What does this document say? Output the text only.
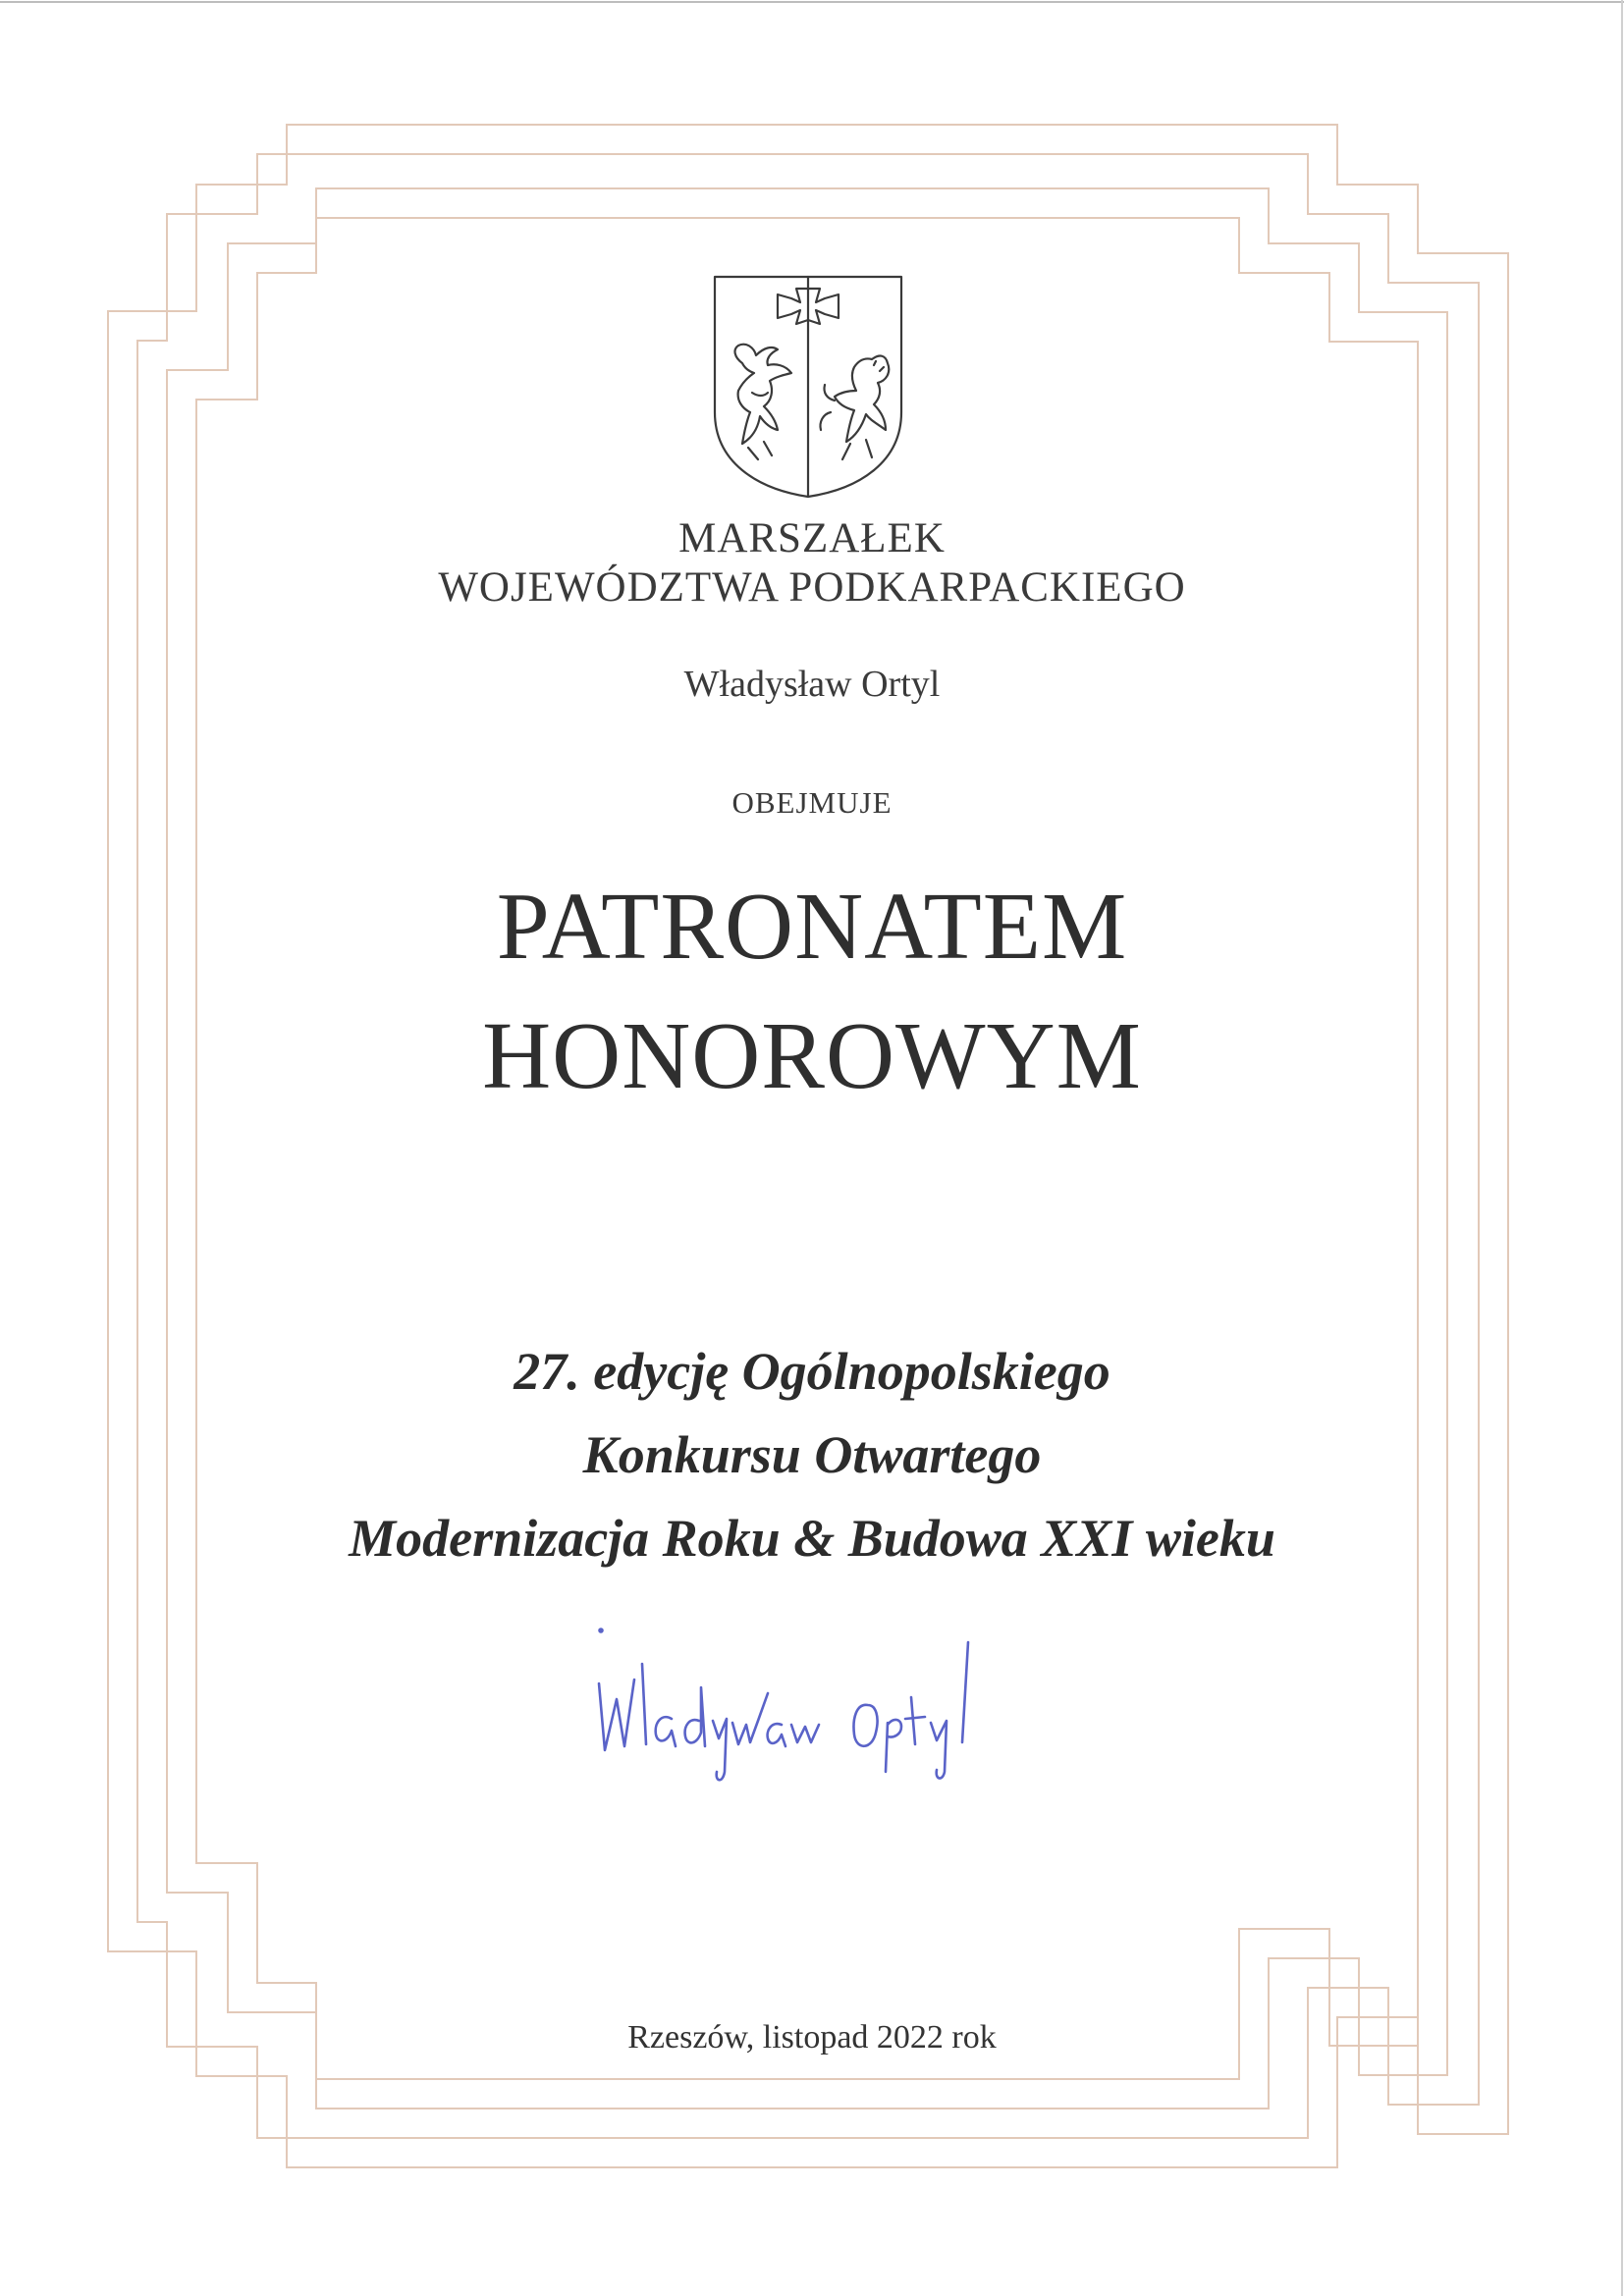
MARSZAŁEK
WOJEWÓDZTWA PODKARPACKIEGO
Władysław Ortyl
OBEJMUJE
PATRONATEM
HONOROWYM
27. edycję Ogólnopolskiego
Konkursu Otwartego
Modernizacja Roku & Budowa XXI wieku
Rzeszów, listopad 2022 rok
